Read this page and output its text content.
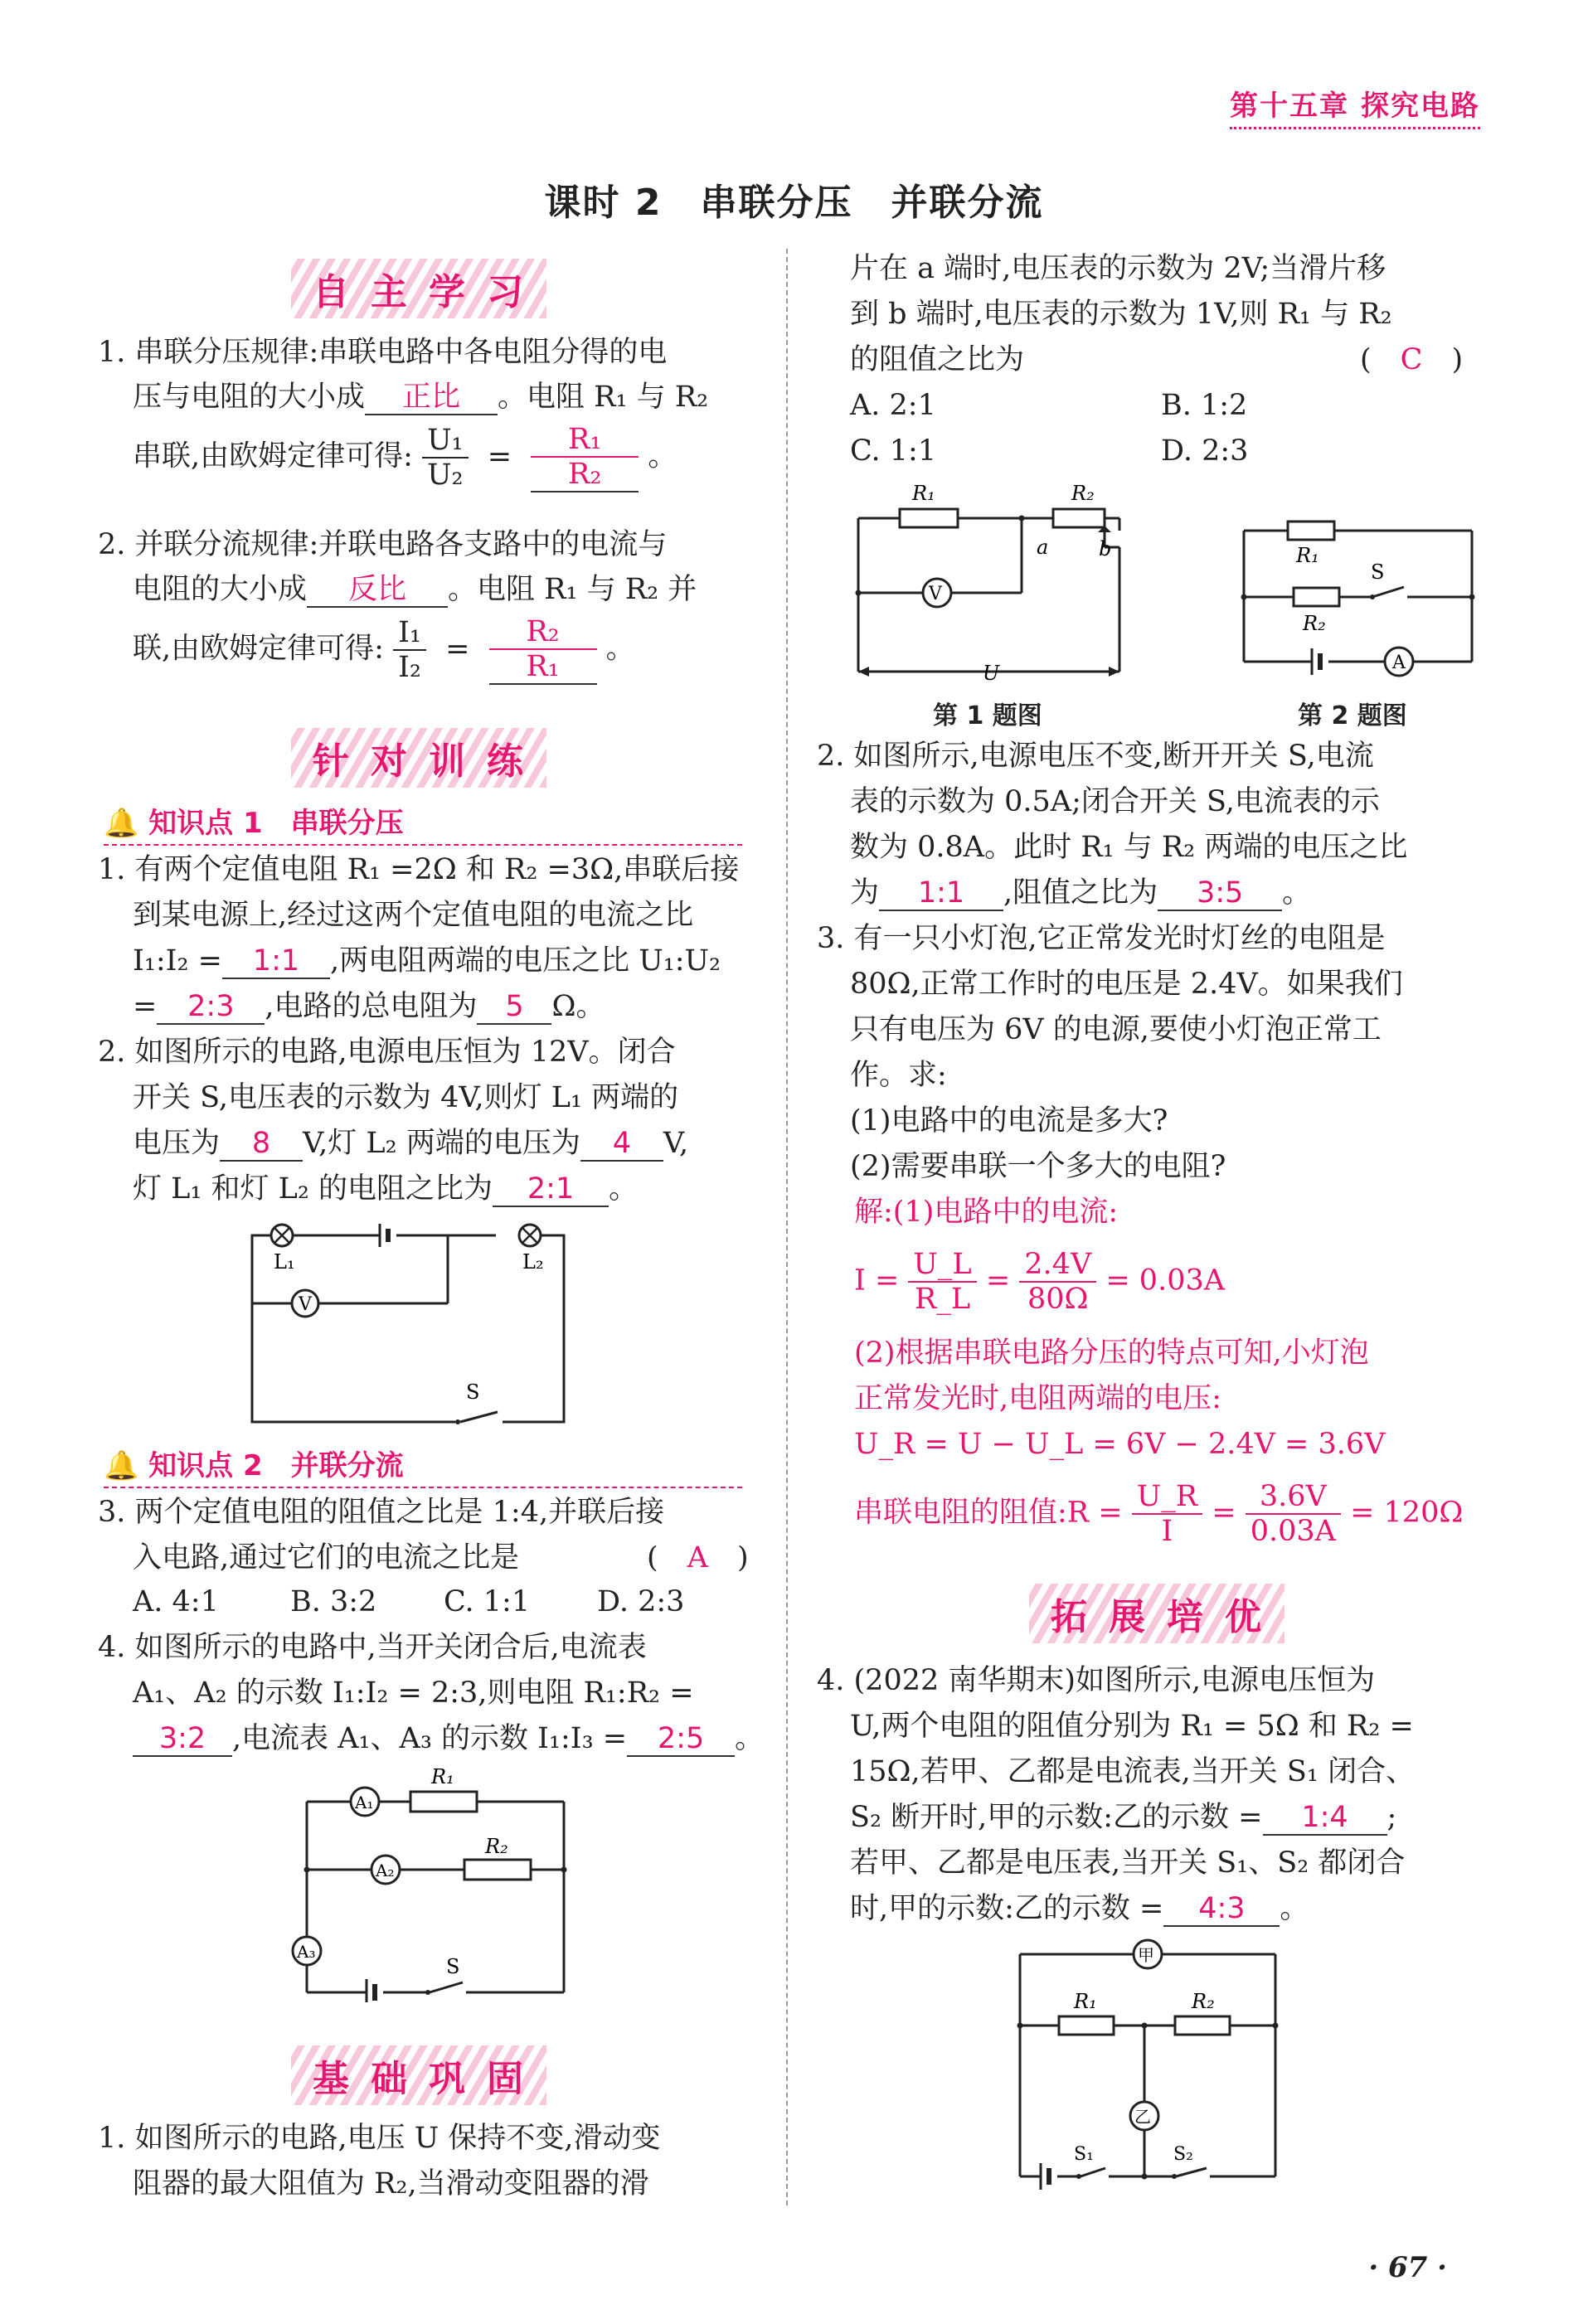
第十五章 探究电路
课时 2　串联分压　并联分流
自主学习
1. 串联分压规律:串联电路中各电阻分得的电
压与电阻的大小成 正比 。电阻 R₁ 与 R₂
串联,由欧姆定律可得: $\frac{\text{U₁}}{\text{U₂}} = \frac{\text{R₁}}{\text{R₂}}$ 。
2. 并联分流规律:并联电路各支路中的电流与
电阻的大小成 反比 。电阻 R₁ 与 R₂ 并
联,由欧姆定律可得: $\frac{\text{I₁}}{\text{I₂}} = \frac{\text{R₂}}{\text{R₁}}$ 。
针对训练
🔔 知识点 1　串联分压
1. 有两个定值电阻 R₁ =2Ω 和 R₂ =3Ω,串联后接
到某电源上,经过这两个定值电阻的电流之比
I₁:I₂ = 1:1 ,两电阻两端的电压之比 U₁:U₂
= 2:3 ,电路的总电阻为 5 Ω。
2. 如图所示的电路,电源电压恒为 12V。闭合
开关 S,电压表的示数为 4V,则灯 L₁ 两端的
电压为 8 V,灯 L₂ 两端的电压为 4 V,
灯 L₁ 和灯 L₂ 的电阻之比为 2:1 。
V
L₁	L₂
S
🔔 知识点 2　并联分流
3. 两个定值电阻的阻值之比是 1:4,并联后接
入电路,通过它们的电流之比是	(　A　)
A. 4:1 B. 3:2 C. 1:1 D. 2:3
4. 如图所示的电路中,当开关闭合后,电流表
A₁、A₂ 的示数 I₁:I₂ = 2:3,则电阻 R₁:R₂ =
3:2 ,电流表 A₁、A₃ 的示数 I₁:I₃ = 2:5 。
A₁
A₂
A₃
R₁
R₂
S
基础巩固
1. 如图所示的电路,电压 U 保持不变,滑动变
阻器的最大阻值为 R₂,当滑动变阻器的滑
片在 a 端时,电压表的示数为 2V;当滑片移
到 b 端时,电压表的示数为 1V,则 R₁ 与 R₂
的阻值之比为	(　C　)
A. 2:1	B. 1:2
C. 1:1	D. 2:3
V
R₁	R₂
a	b
U
第 1 题图
A
R₁
R₂
S
第 2 题图
2. 如图所示,电源电压不变,断开开关 S,电流
表的示数为 0.5A;闭合开关 S,电流表的示
数为 0.8A。此时 R₁ 与 R₂ 两端的电压之比
为 1:1 ,阻值之比为 3:5 。
3. 有一只小灯泡,它正常发光时灯丝的电阻是
80Ω,正常工作时的电压是 2.4V。如果我们
只有电压为 6V 的电源,要使小灯泡正常工
作。求:
(1)电路中的电流是多大?
(2)需要串联一个多大的电阻?
解:(1)电路中的电流:
$I = \frac{U\_L}{R\_L} = \frac{2.4V}{80\Omega} = 0.03A$
(2)根据串联电路分压的特点可知,小灯泡
正常发光时,电阻两端的电压:
U_R = U − U_L = 6V − 2.4V = 3.6V
串联电阻的阻值:R = $\frac{U\_R}{I} = \frac{3.6V}{0.03A} = 120\Omega$
拓展培优
4. (2022 南华期末)如图所示,电源电压恒为
U,两个电阻的阻值分别为 R₁ = 5Ω 和 R₂ =
15Ω,若甲、乙都是电流表,当开关 S₁ 闭合、
S₂ 断开时,甲的示数:乙的示数 = 1:4 ;
若甲、乙都是电压表,当开关 S₁、S₂ 都闭合
时,甲的示数:乙的示数 = 4:3 。
甲
乙
R₁	R₂
S₁	S₂
· 67 ·
